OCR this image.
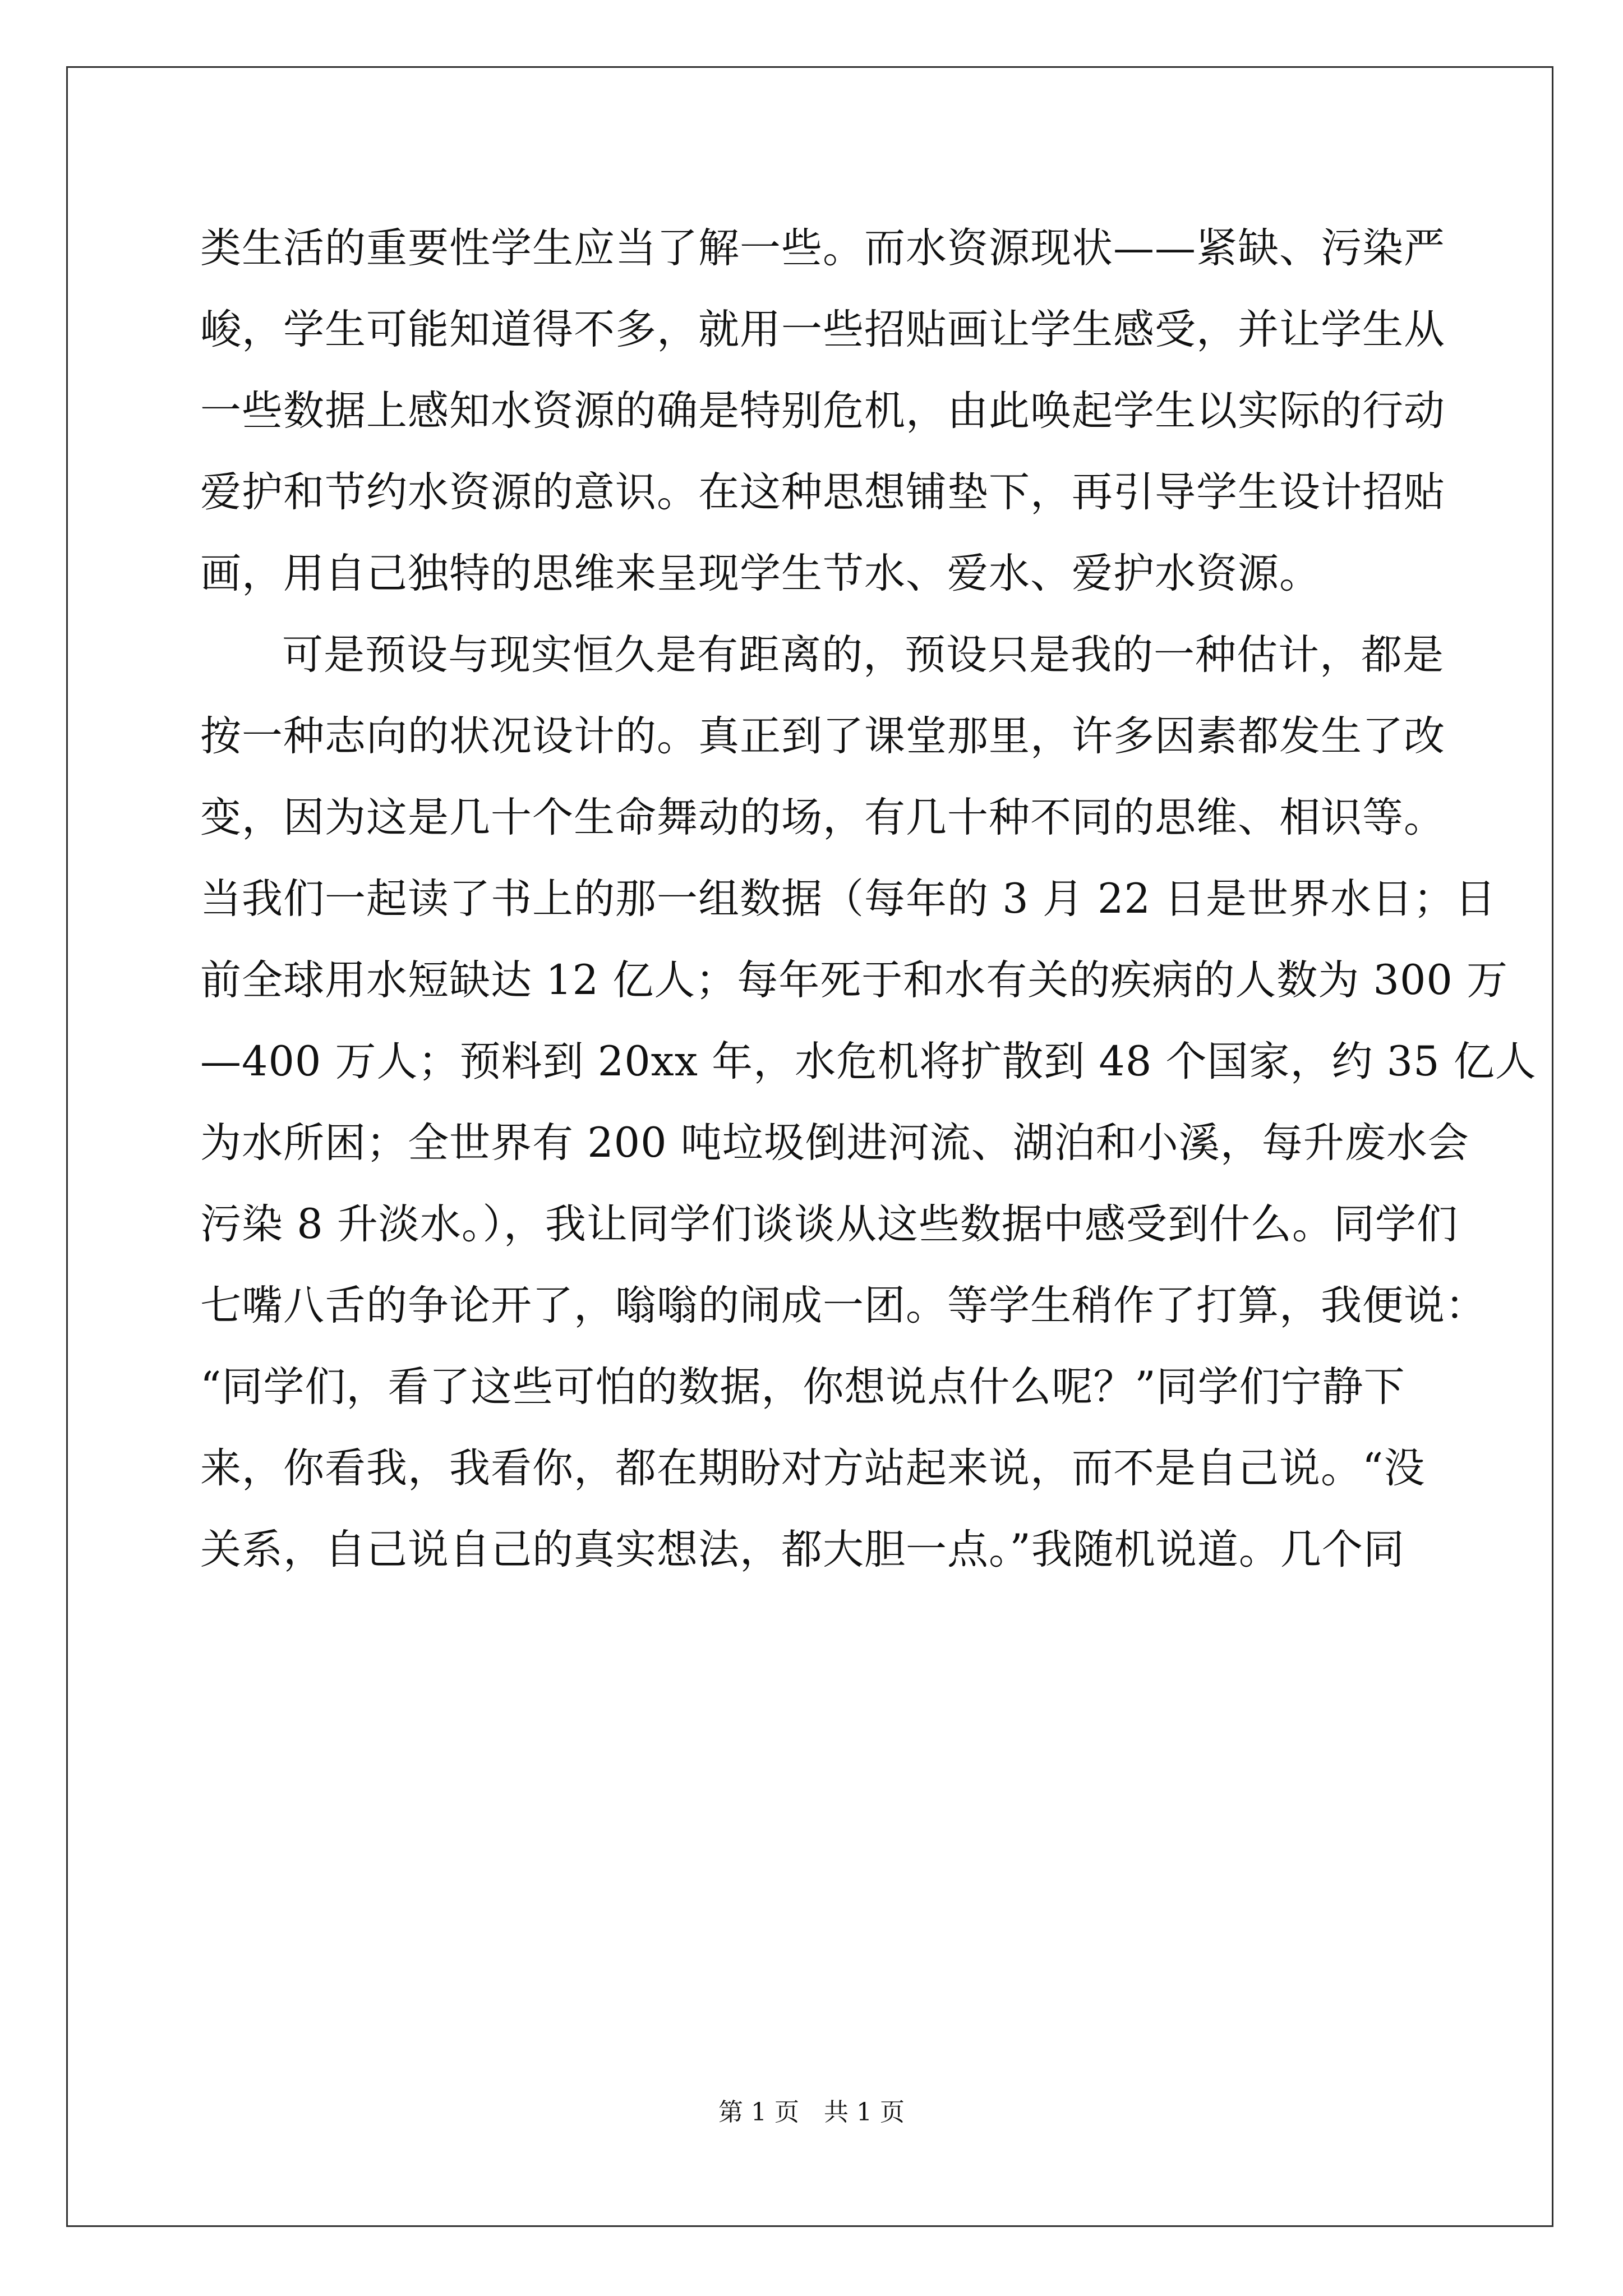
类生活的重要性学生应当了解一些。而水资源现状——紧缺、污染严
峻，学生可能知道得不多，就用一些招贴画让学生感受，并让学生从
一些数据上感知水资源的确是特别危机，由此唤起学生以实际的行动
爱护和节约水资源的意识。在这种思想铺垫下，再引导学生设计招贴
画，用自己独特的思维来呈现学生节水、爱水、爱护水资源。
可是预设与现实恒久是有距离的，预设只是我的一种估计，都是
按一种志向的状况设计的。真正到了课堂那里，许多因素都发生了改
变，因为这是几十个生命舞动的场，有几十种不同的思维、相识等。
当我们一起读了书上的那一组数据（每年的 3 月 22 日是世界水日；日
前全球用水短缺达 12 亿人；每年死于和水有关的疾病的人数为 300 万
—400 万人；预料到 20xx 年，水危机将扩散到 48 个国家，约 35 亿人
为水所困；全世界有 200 吨垃圾倒进河流、湖泊和小溪，每升废水会
污染 8 升淡水。），我让同学们谈谈从这些数据中感受到什么。同学们
七嘴八舌的争论开了，嗡嗡的闹成一团。等学生稍作了打算，我便说：
“同学们，看了这些可怕的数据，你想说点什么呢？”同学们宁静下
来，你看我，我看你，都在期盼对方站起来说，而不是自己说。“没
关系，自己说自己的真实想法，都大胆一点。”我随机说道。几个同
第 1 页　共 1 页
